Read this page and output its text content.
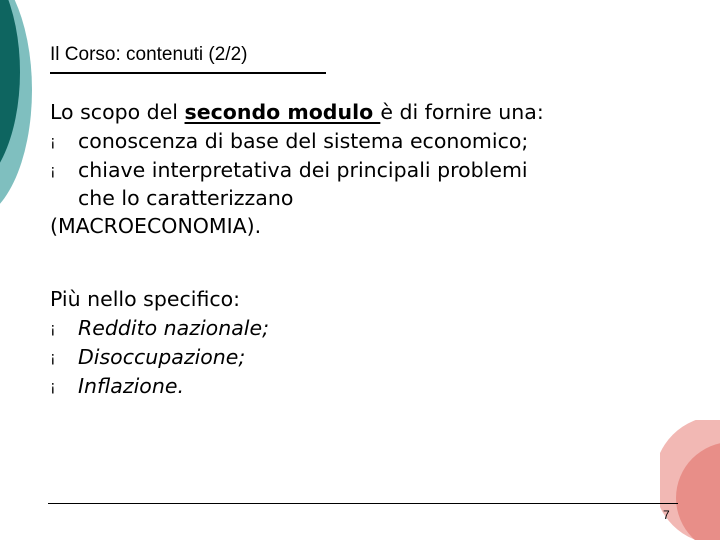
Il Corso: contenuti (2/2)
Lo scopo del secondo modulo è di fornire una:
¡ conoscenza di base del sistema economico;
¡ chiave interpretativa dei principali problemi
che lo caratterizzano
(MACROECONOMIA).
Più nello specifico:
¡ Reddito nazionale;
¡ Disoccupazione;
¡ Inflazione.
7
